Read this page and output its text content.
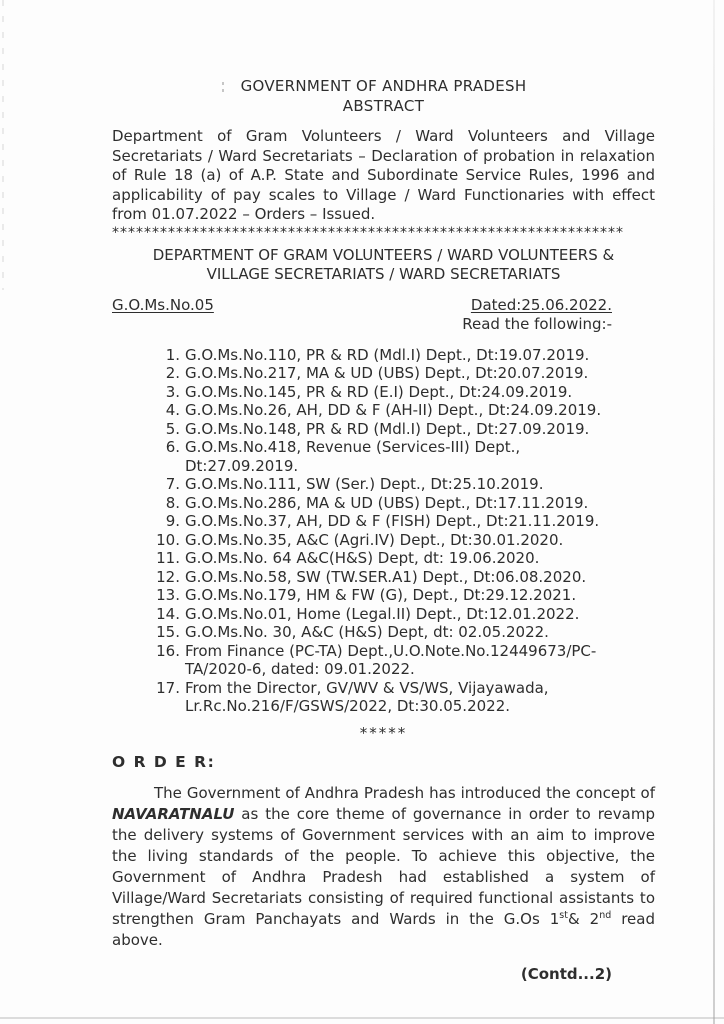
GOVERNMENT OF ANDHRA PRADESH
ABSTRACT

Department of Gram Volunteers / Ward Volunteers and Village Secretariats / Ward Secretariats – Declaration of probation in relaxation of Rule 18 (a) of A.P. State and Subordinate Service Rules, 1996 and applicability of pay scales to Village / Ward Functionaries with effect from 01.07.2022 – Orders – Issued.

****************************************************************
DEPARTMENT OF GRAM VOLUNTEERS / WARD VOLUNTEERS &
VILLAGE SECRETARIATS / WARD SECRETARIATS
G.O.Ms.No.05	Dated:25.06.2022.
Read the following:-
1. G.O.Ms.No.110, PR & RD (Mdl.I) Dept., Dt:19.07.2019.
2. G.O.Ms.No.217, MA & UD (UBS) Dept., Dt:20.07.2019.
3. G.O.Ms.No.145, PR & RD (E.I) Dept., Dt:24.09.2019.
4. G.O.Ms.No.26, AH, DD & F (AH-II) Dept., Dt:24.09.2019.
5. G.O.Ms.No.148, PR & RD (Mdl.I) Dept., Dt:27.09.2019.
6. G.O.Ms.No.418, Revenue (Services-III) Dept.,
Dt:27.09.2019.
7. G.O.Ms.No.111, SW (Ser.) Dept., Dt:25.10.2019.
8. G.O.Ms.No.286, MA & UD (UBS) Dept., Dt:17.11.2019.
9. G.O.Ms.No.37, AH, DD & F (FISH) Dept., Dt:21.11.2019.
10. G.O.Ms.No.35, A&C (Agri.IV) Dept., Dt:30.01.2020.
11. G.O.Ms.No. 64 A&C(H&S) Dept, dt: 19.06.2020.
12. G.O.Ms.No.58, SW (TW.SER.A1) Dept., Dt:06.08.2020.
13. G.O.Ms.No.179, HM & FW (G), Dept., Dt:29.12.2021.
14. G.O.Ms.No.01, Home (Legal.II) Dept., Dt:12.01.2022.
15. G.O.Ms.No. 30, A&C (H&S) Dept, dt: 02.05.2022.
16. From Finance (PC-TA) Dept.,U.O.Note.No.12449673/PC-
TA/2020-6, dated: 09.01.2022.
17. From the Director, GV/WV & VS/WS, Vijayawada,
Lr.Rc.No.216/F/GSWS/2022, Dt:30.05.2022.
*****
O R D E R:

The Government of Andhra Pradesh has introduced the concept of NAVARATNALU as the core theme of governance in order to revamp the delivery systems of Government services with an aim to improve the living standards of the people. To achieve this objective, the Government of Andhra Pradesh had established a system of Village/Ward Secretariats consisting of required functional assistants to strengthen Gram Panchayats and Wards in the G.Os 1st& 2nd read above.

(Contd...2)
